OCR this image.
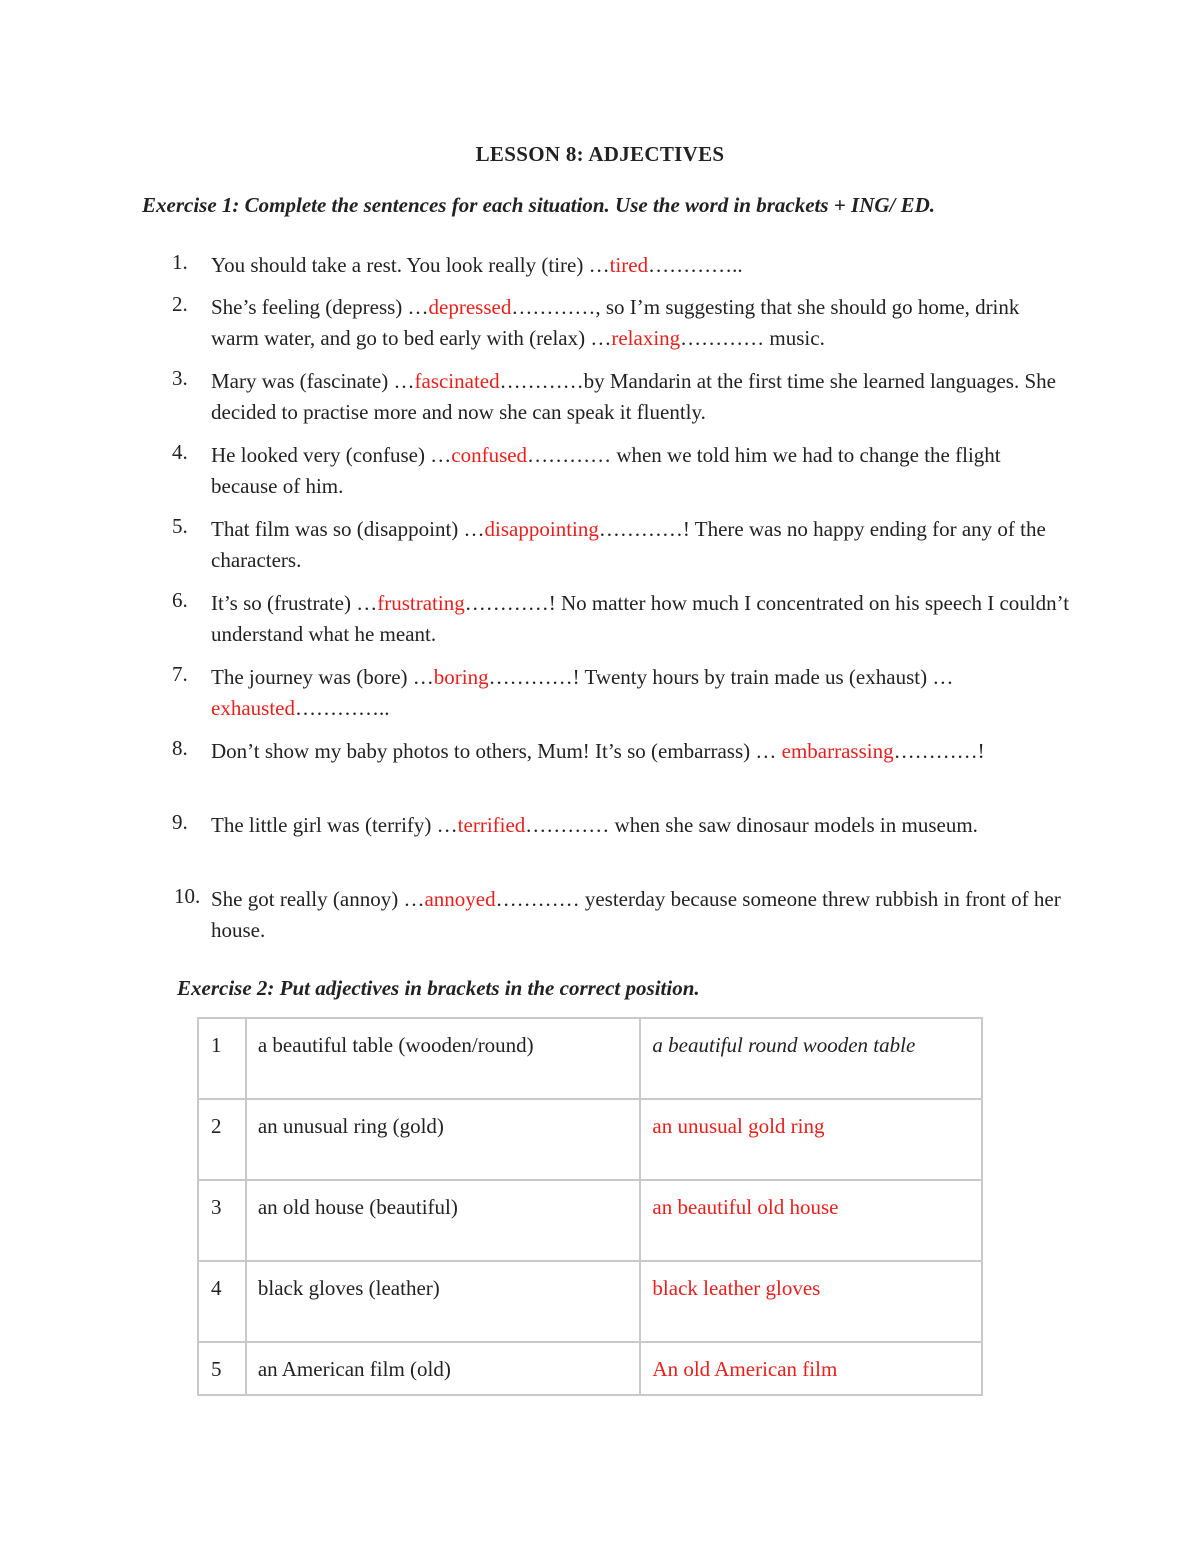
LESSON 8: ADJECTIVES
Exercise 1: Complete the sentences for each situation. Use the word in brackets + ING/ ED.
1.	You should take a rest. You look really (tire) …tired…………..
2.	She’s feeling (depress) …depressed…………, so I’m suggesting that she should go home, drink warm water, and go to bed early with (relax) …relaxing………… music.
3.	Mary was (fascinate) …fascinated…………by Mandarin at the first time she learned languages. She decided to practise more and now she can speak it fluently.
4.	He looked very (confuse) …confused………… when we told him we had to change the flight because of him.
5.	That film was so (disappoint) …disappointing…………! There was no happy ending for any of the characters.
6.	It’s so (frustrate) …frustrating…………! No matter how much I concentrated on his speech I couldn’t understand what he meant.
7.	The journey was (bore) …boring…………! Twenty hours by train made us (exhaust) … exhausted…………..
8.	Don’t show my baby photos to others, Mum! It’s so (embarrass) … embarrassing…………!
9.	The little girl was (terrify) …terrified………… when she saw dinosaur models in museum.
10. She got really (annoy) …annoyed………… yesterday because someone threw rubbish in front of her house.
Exercise 2: Put adjectives in brackets in the correct position.
1	a beautiful table (wooden/round)	a beautiful round wooden table
2	an unusual ring (gold)	an unusual gold ring
3	an old house (beautiful)	an beautiful old house
4	black gloves (leather)	black leather gloves
5	an American film (old)	An old American film
